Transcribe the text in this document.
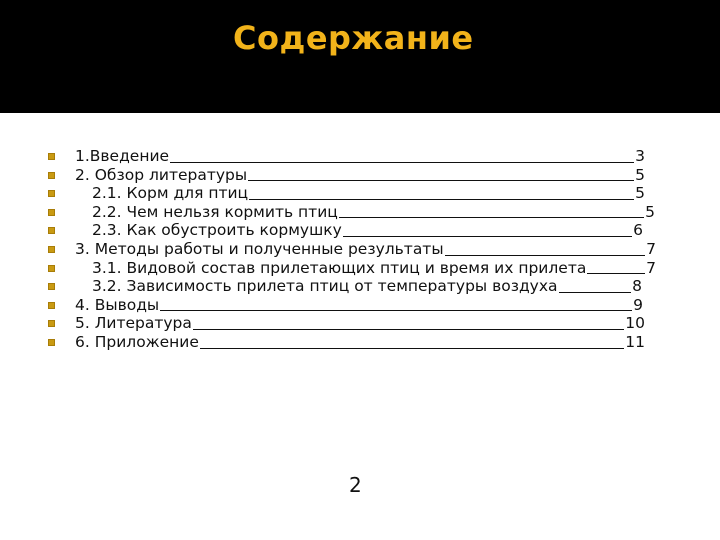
Содержание
1.Введение	3
2. Обзор литературы	5
2.1. Корм для птиц	5
2.2. Чем нельзя кормить птиц	5
2.3. Как обустроить кормушку	6
3. Методы работы и полученные результаты	7
3.1. Видовой состав прилетающих птиц и время их прилета	7
3.2. Зависимость прилета птиц от температуры воздуха	8
4. Выводы	9
5. Литература	10
6. Приложение	11
2
